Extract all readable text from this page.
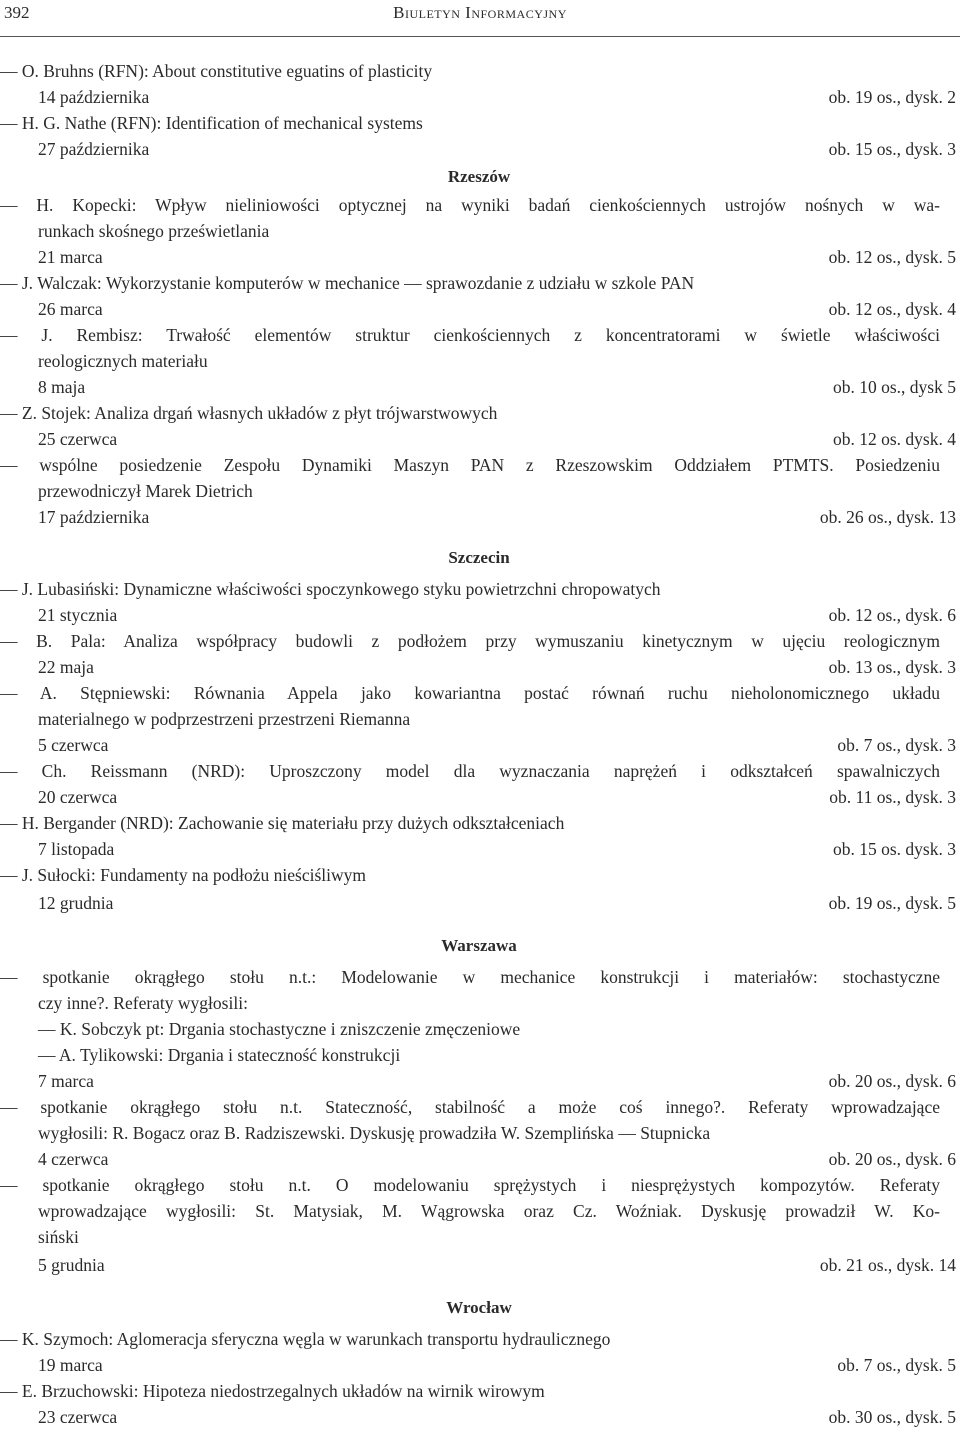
392	Biuletyn Informacyjny
— O. Bruhns (RFN): About constitutive eguatins of plasticity
14 października	ob. 19 os., dysk. 2
— H. G. Nathe (RFN): Identification of mechanical systems
27 października	ob. 15 os., dysk. 3
Rzeszów
— H. Kopecki: Wpływ nieliniowości optycznej na wyniki badań cienkościennych ustrojów nośnych w wa-
runkach skośnego prześwietlania
21 marca	ob. 12 os., dysk. 5
— J. Walczak: Wykorzystanie komputerów w mechanice — sprawozdanie z udziału w szkole PAN
26 marca	ob. 12 os., dysk. 4
— J. Rembisz: Trwałość elementów struktur cienkościennych z koncentratorami w świetle właściwości
reologicznych materiału
8 maja	ob. 10 os., dysk 5
— Z. Stojek: Analiza drgań własnych układów z płyt trójwarstwowych
25 czerwca	ob. 12 os. dysk. 4
— wspólne posiedzenie Zespołu Dynamiki Maszyn PAN z Rzeszowskim Oddziałem PTMTS. Posiedzeniu
przewodniczył Marek Dietrich
17 października	ob. 26 os., dysk. 13
Szczecin
— J. Lubasiński: Dynamiczne właściwości spoczynkowego styku powietrzchni chropowatych
21 stycznia	ob. 12 os., dysk. 6
— B. Pala: Analiza współpracy budowli z podłożem przy wymuszaniu kinetycznym w ujęciu reologicznym
22 maja	ob. 13 os., dysk. 3
— A. Stępniewski: Równania Appela jako kowariantna postać równań ruchu nieholonomicznego układu
materialnego w podprzestrzeni przestrzeni Riemanna
5 czerwca	ob. 7 os., dysk. 3
— Ch. Reissmann (NRD): Uproszczony model dla wyznaczania naprężeń i odkształceń spawalniczych
20 czerwca	ob. 11 os., dysk. 3
— H. Bergander (NRD): Zachowanie się materiału przy dużych odkształceniach
7 listopada	ob. 15 os. dysk. 3
— J. Sułocki: Fundamenty na podłożu nieściśliwym
12 grudnia	ob. 19 os., dysk. 5
Warszawa
— spotkanie okrągłego stołu n.t.: Modelowanie w mechanice konstrukcji i materiałów: stochastyczne
czy inne?. Referaty wygłosili:
— K. Sobczyk pt: Drgania stochastyczne i zniszczenie zmęczeniowe
— A. Tylikowski: Drgania i stateczność konstrukcji
7 marca	ob. 20 os., dysk. 6
— spotkanie okrągłego stołu n.t. Stateczność, stabilność a może coś innego?. Referaty wprowadzające
wygłosili: R. Bogacz oraz B. Radziszewski. Dyskusję prowadziła W. Szemplińska — Stupnicka
4 czerwca	ob. 20 os., dysk. 6
— spotkanie okrągłego stołu n.t. O modelowaniu sprężystych i niesprężystych kompozytów. Referaty
wprowadzające wygłosili: St. Matysiak, M. Wągrowska oraz Cz. Woźniak. Dyskusję prowadził W. Ko-
siński
5 grudnia	ob. 21 os., dysk. 14
Wrocław
— K. Szymoch: Aglomeracja sferyczna węgla w warunkach transportu hydraulicznego
19 marca	ob. 7 os., dysk. 5
— E. Brzuchowski: Hipoteza niedostrzegalnych układów na wirnik wirowym
23 czerwca	ob. 30 os., dysk. 5
